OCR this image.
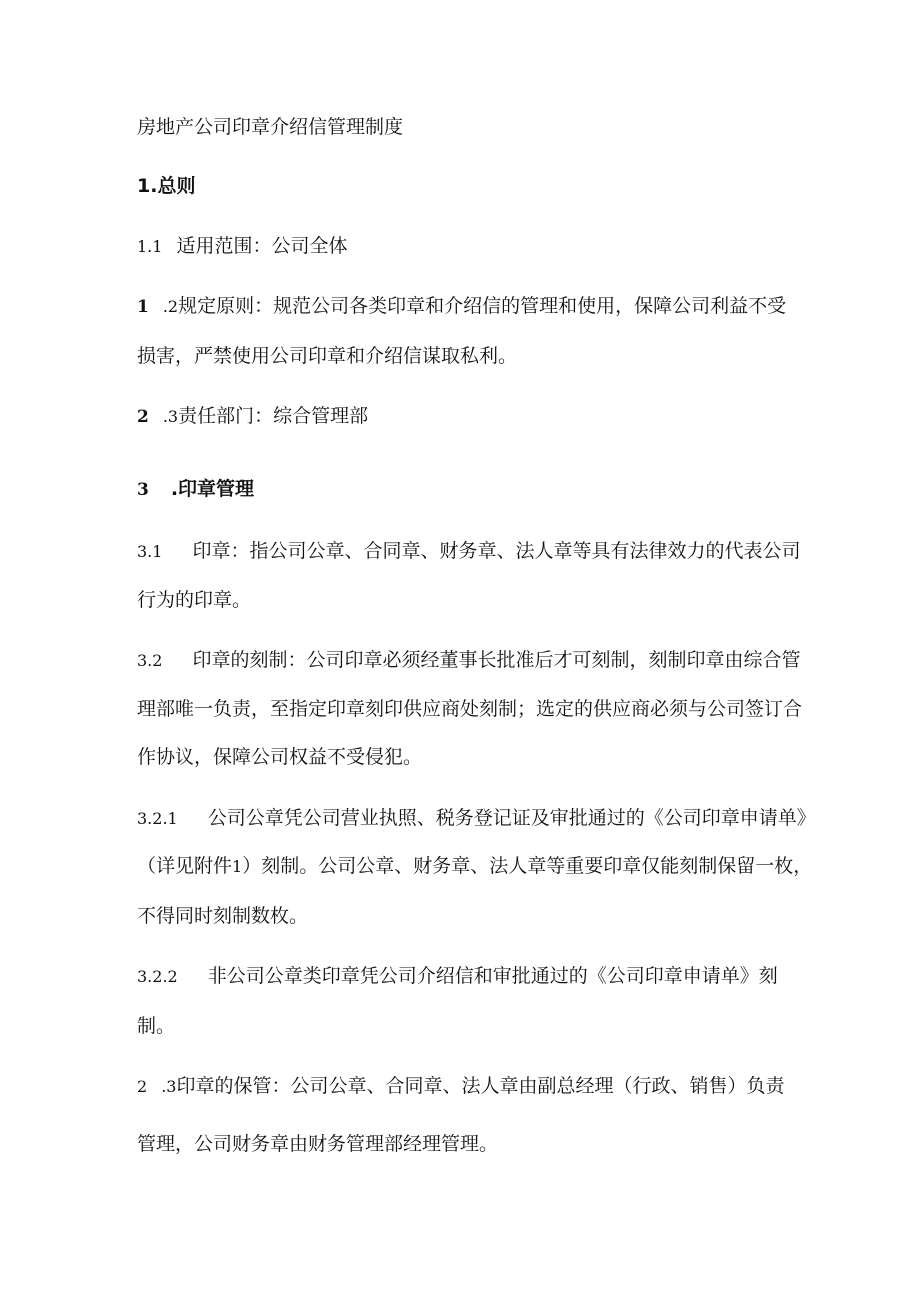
房地产公司印章介绍信管理制度
1.总则
1.1 适用范围：公司全体
1 .2规定原则：规范公司各类印章和介绍信的管理和使用，保障公司利益不受
损害，严禁使用公司印章和介绍信谋取私利。
2 .3责任部门：综合管理部
3 .印章管理
3.1 印章：指公司公章、合同章、财务章、法人章等具有法律效力的代表公司
行为的印章。
3.2 印章的刻制：公司印章必须经董事长批准后才可刻制，刻制印章由综合管
理部唯一负责，至指定印章刻印供应商处刻制；选定的供应商必须与公司签订合
作协议，保障公司权益不受侵犯。
3.2.1 公司公章凭公司营业执照、税务登记证及审批通过的《公司印章申请单》
（详见附件1）刻制。公司公章、财务章、法人章等重要印章仅能刻制保留一枚，
不得同时刻制数枚。
3.2.2 非公司公章类印章凭公司介绍信和审批通过的《公司印章申请单》刻
制。
2 .3印章的保管：公司公章、合同章、法人章由副总经理（行政、销售）负责
管理，公司财务章由财务管理部经理管理。
